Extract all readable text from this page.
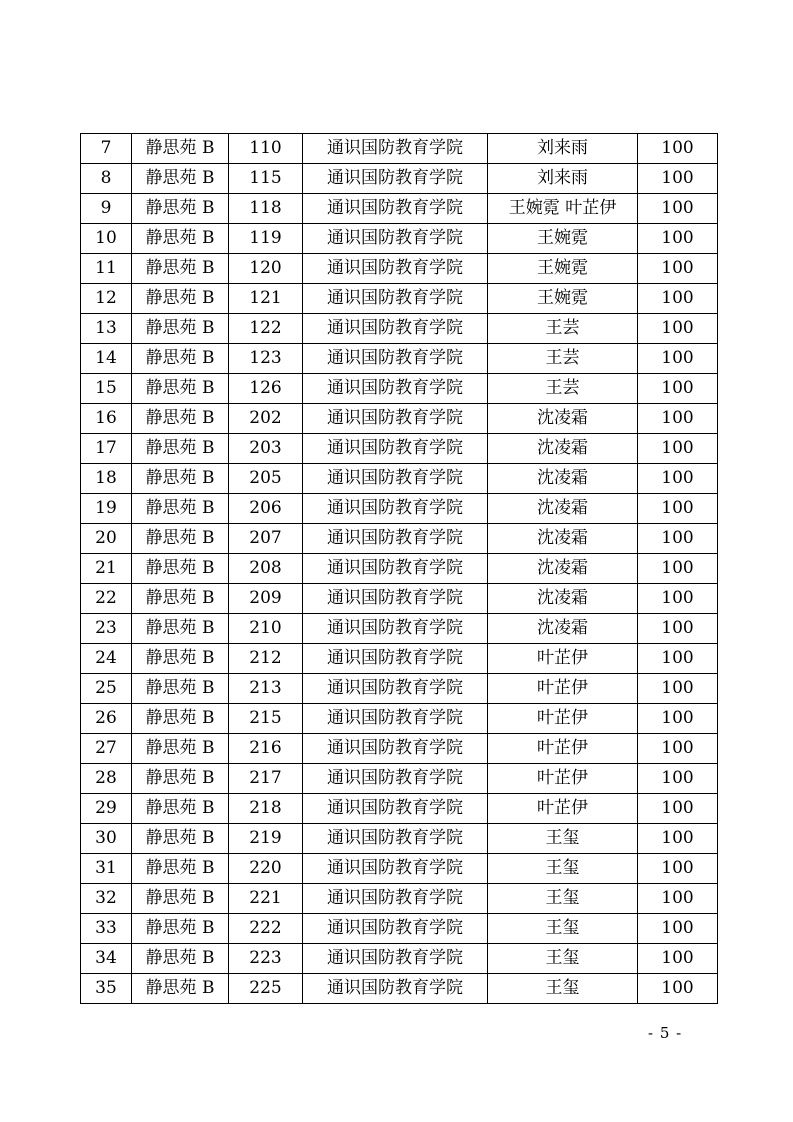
7	静思苑 B	110	通识国防教育学院	刘来雨	100
8	静思苑 B	115	通识国防教育学院	刘来雨	100
9	静思苑 B	118	通识国防教育学院	王婉霓 叶芷伊	100
10	静思苑 B	119	通识国防教育学院	王婉霓	100
11	静思苑 B	120	通识国防教育学院	王婉霓	100
12	静思苑 B	121	通识国防教育学院	王婉霓	100
13	静思苑 B	122	通识国防教育学院	王芸	100
14	静思苑 B	123	通识国防教育学院	王芸	100
15	静思苑 B	126	通识国防教育学院	王芸	100
16	静思苑 B	202	通识国防教育学院	沈凌霜	100
17	静思苑 B	203	通识国防教育学院	沈凌霜	100
18	静思苑 B	205	通识国防教育学院	沈凌霜	100
19	静思苑 B	206	通识国防教育学院	沈凌霜	100
20	静思苑 B	207	通识国防教育学院	沈凌霜	100
21	静思苑 B	208	通识国防教育学院	沈凌霜	100
22	静思苑 B	209	通识国防教育学院	沈凌霜	100
23	静思苑 B	210	通识国防教育学院	沈凌霜	100
24	静思苑 B	212	通识国防教育学院	叶芷伊	100
25	静思苑 B	213	通识国防教育学院	叶芷伊	100
26	静思苑 B	215	通识国防教育学院	叶芷伊	100
27	静思苑 B	216	通识国防教育学院	叶芷伊	100
28	静思苑 B	217	通识国防教育学院	叶芷伊	100
29	静思苑 B	218	通识国防教育学院	叶芷伊	100
30	静思苑 B	219	通识国防教育学院	王玺	100
31	静思苑 B	220	通识国防教育学院	王玺	100
32	静思苑 B	221	通识国防教育学院	王玺	100
33	静思苑 B	222	通识国防教育学院	王玺	100
34	静思苑 B	223	通识国防教育学院	王玺	100
35	静思苑 B	225	通识国防教育学院	王玺	100
- 5 -
